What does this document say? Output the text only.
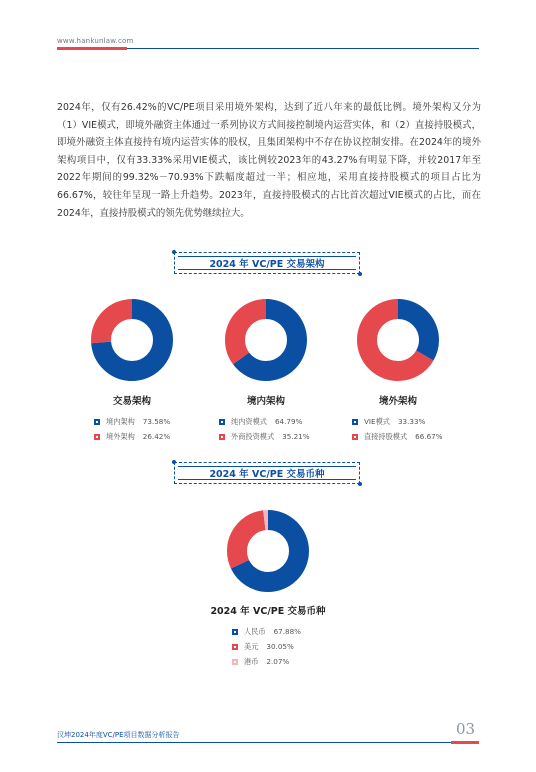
www.hankunlaw.com
2024年，仅有26.42%的VC/PE项目采用境外架构，达到了近八年来的最低比例。境外架构又分为（1）VIE模式，即境外融资主体通过一系列协议方式间接控制境内运营实体，和（2）直接持股模式，即境外融资主体直接持有境内运营实体的股权，且集团架构中不存在协议控制安排。在2024年的境外架构项目中，仅有33.33%采用VIE模式，该比例较2023年的43.27%有明显下降，并较2017年至2022年期间的99.32%－70.93%下跌幅度超过一半；相应地，采用直接持股模式的项目占比为66.67%，较往年呈现一路上升趋势。2023年，直接持股模式的占比首次超过VIE模式的占比，而在2024年，直接持股模式的领先优势继续拉大。
2024 年 VC/PE 交易架构
交易架构
境内架构 73.58%
境外架构 26.42%
境内架构
纯内资模式 64.79%
外商投资模式 35.21%
境外架构
VIE模式 33.33%
直接持股模式 66.67%
2024 年 VC/PE 交易币种
2024 年 VC/PE 交易币种
人民币 67.88%
美元 30.05%
港币 2.07%
汉坤2024年度VC/PE项目数据分析报告	03
